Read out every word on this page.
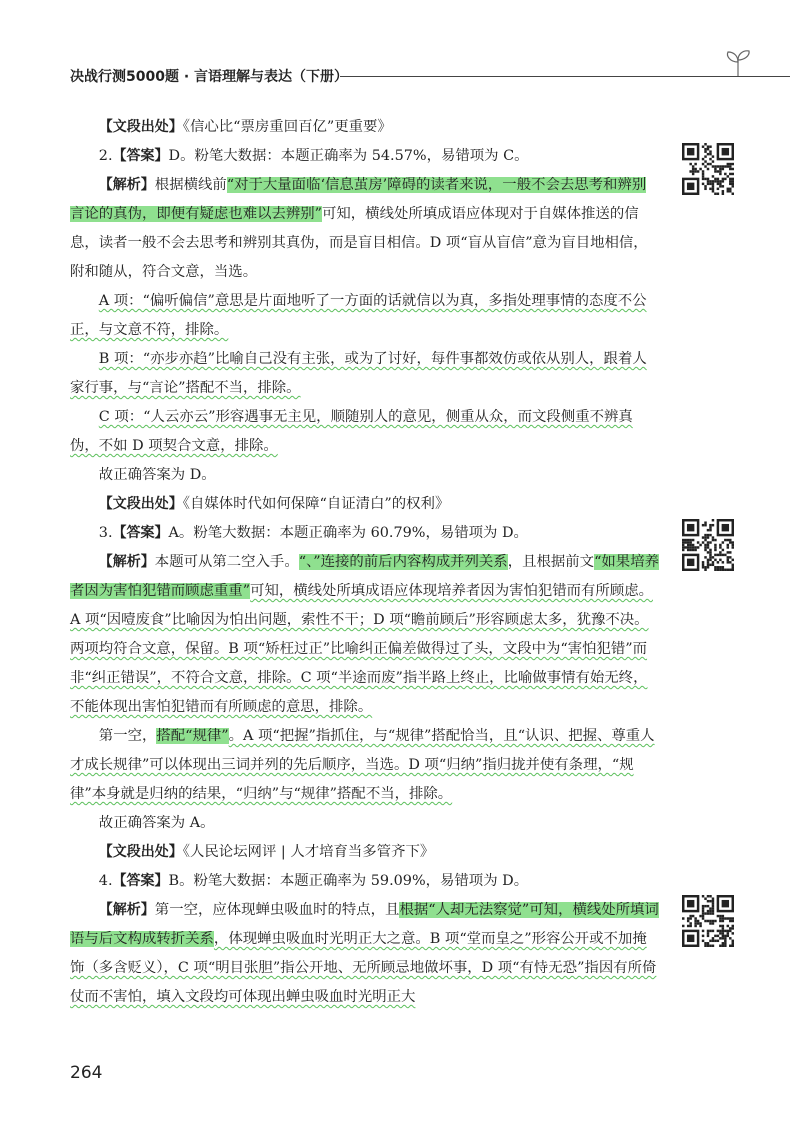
决战行测5000题 · 言语理解与表达（下册）

【文段出处】《信心比“票房重回百亿”更重要》

2.【答案】D。粉笔大数据：本题正确率为 54.57%，易错项为 C。

【解析】根据横线前“对于大量面临‘信息茧房’障碍的读者来说，一般不会去思考和辨别言论的真伪，即便有疑虑也难以去辨别”可知，横线处所填成语应体现对于自媒体推送的信息，读者一般不会去思考和辨别其真伪，而是盲目相信。D 项“盲从盲信”意为盲目地相信，附和随从，符合文意，当选。

A 项：“偏听偏信”意思是片面地听了一方面的话就信以为真，多指处理事情的态度不公正，与文意不符，排除。

B 项：“亦步亦趋”比喻自己没有主张，或为了讨好，每件事都效仿或依从别人，跟着人家行事，与“言论”搭配不当，排除。

C 项：“人云亦云”形容遇事无主见，顺随别人的意见，侧重从众，而文段侧重不辨真伪，不如 D 项契合文意，排除。

故正确答案为 D。

【文段出处】《自媒体时代如何保障“自证清白”的权利》

3.【答案】A。粉笔大数据：本题正确率为 60.79%，易错项为 D。

【解析】本题可从第二空入手。“、”连接的前后内容构成并列关系，且根据前文“如果培养者因为害怕犯错而顾虑重重”可知，横线处所填成语应体现培养者因为害怕犯错而有所顾虑。A 项“因噎废食”比喻因为怕出问题，索性不干；D 项“瞻前顾后”形容顾虑太多，犹豫不决。两项均符合文意，保留。B 项“矫枉过正”比喻纠正偏差做得过了头，文段中为“害怕犯错”而非“纠正错误”，不符合文意，排除。C 项“半途而废”指半路上终止，比喻做事情有始无终，不能体现出害怕犯错而有所顾虑的意思，排除。

第一空，搭配“规律”。A 项“把握”指抓住，与“规律”搭配恰当，且“认识、把握、尊重人才成长规律”可以体现出三词并列的先后顺序，当选。D 项“归纳”指归拢并使有条理，“规律”本身就是归纳的结果，“归纳”与“规律”搭配不当，排除。

故正确答案为 A。

【文段出处】《人民论坛网评 | 人才培育当多管齐下》

4.【答案】B。粉笔大数据：本题正确率为 59.09%，易错项为 D。

【解析】第一空，应体现蝉虫吸血时的特点，且根据“人却无法察觉”可知，横线处所填词语与后文构成转折关系，体现蝉虫吸血时光明正大之意。B 项“堂而皇之”形容公开或不加掩饰（多含贬义），C 项“明目张胆”指公开地、无所顾忌地做坏事，D 项“有恃无恐”指因有所倚仗而不害怕，填入文段均可体现出蝉虫吸血时光明正大

264
